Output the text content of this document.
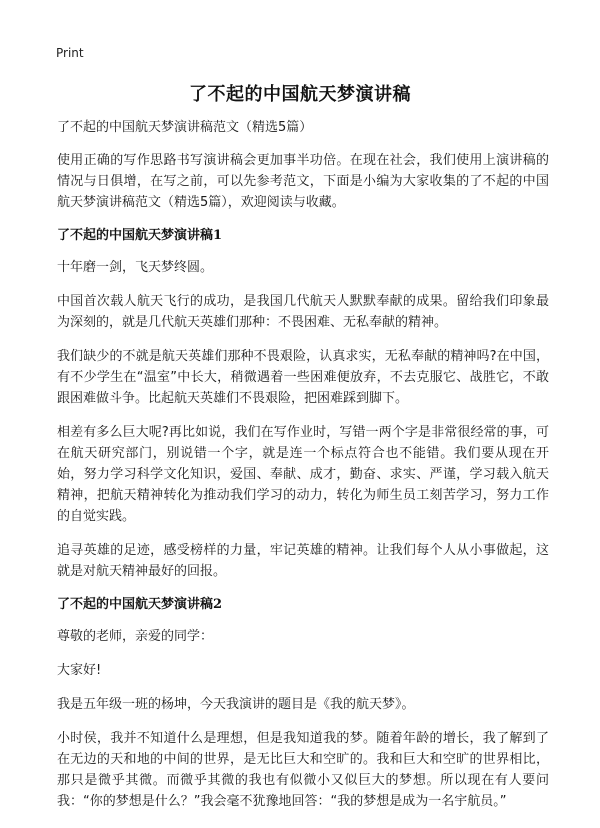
Print
了不起的中国航天梦演讲稿

了不起的中国航天梦演讲稿范文（精选5篇）

使用正确的写作思路书写演讲稿会更加事半功倍。在现在社会，我们使用上演讲稿的情况与日俱增，在写之前，可以先参考范文，下面是小编为大家收集的了不起的中国航天梦演讲稿范文（精选5篇），欢迎阅读与收藏。

了不起的中国航天梦演讲稿1

十年磨一剑，飞天梦终圆。

中国首次载人航天飞行的成功，是我国几代航天人默默奉献的成果。留给我们印象最为深刻的，就是几代航天英雄们那种：不畏困难、无私奉献的精神。

我们缺少的不就是航天英雄们那种不畏艰险，认真求实，无私奉献的精神吗?在中国，有不少学生在“温室”中长大，稍微遇着一些困难便放弃，不去克服它、战胜它，不敢跟困难做斗争。比起航天英雄们不畏艰险，把困难踩到脚下。

相差有多么巨大呢?再比如说，我们在写作业时，写错一两个字是非常很经常的事，可在航天研究部门，别说错一个字，就是连一个标点符合也不能错。我们要从现在开始，努力学习科学文化知识，爱国、奉献、成才，勤奋、求实、严谨，学习载入航天精神，把航天精神转化为推动我们学习的动力，转化为师生员工刻苦学习，努力工作的自觉实践。

追寻英雄的足迹，感受榜样的力量，牢记英雄的精神。让我们每个人从小事做起，这就是对航天精神最好的回报。

了不起的中国航天梦演讲稿2

尊敬的老师，亲爱的同学：

大家好!

我是五年级一班的杨坤，今天我演讲的题目是《我的航天梦》。

小时侯，我并不知道什么是理想，但是我知道我的梦。随着年龄的增长，我了解到了在无边的天和地的中间的世界，是无比巨大和空旷的。我和巨大和空旷的世界相比，那只是微乎其微。而微乎其微的我也有似微小又似巨大的梦想。所以现在有人要问我：“你的梦想是什么？”我会毫不犹豫地回答：“我的梦想是成为一名宇航员。”
